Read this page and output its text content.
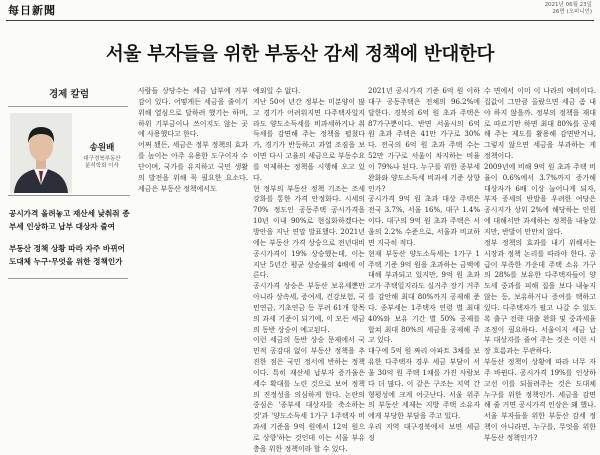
每日新聞	2021년 06월 23일
26면 (오피니언)
서울 부자들을 위한 부동산 감세 정책에 반대한다
경제 칼럼
송원배
대구경북부동산
분석학회 이사

공시가격 올려놓고 재산세 낮춰줘 종부세 인상하고 납부 대상자 줄여

부동산 정책 상황 따라 자주 바뀌어 도대체 누구·무엇을 위한 정책인가

사람들 상당수는 세금 납부에 거부감이 있다. 어떻게든 세금을 줄이기 위해 열심으로 달하려 했기는 하며, 하위 기부금이나 쓰이지도 않는 곳에 사용했다고 한다.

어쩌 됐든, 세금은 정부 정책의 효과를 높이는 아주 유용한 도구이자 수단이며, 국가를 유지하고 국민 생활의 발전을 위해 꼭 필요한 요소다. 세금은 부동산 정책에서도

예외일 수 없다.

지난 50여 년간 정부는 미분양이 많고 경기가 어려워지면 다주택자일지라도 양도소득세를 비과세하거나 취득세를 감면해 주는 정책을 펼쳤다가, 경기가 반등하고 과열 조짐을 보이면 다시 고율의 세금으로 부동수요를 억제하는 정책을 시행해 오고 있다.

현 정부의 부동산 정책 기조는 조세 강화를 통한 가격 안정화다. 시세의 70% 정도인 공동주택 공시가격을 10년 이내 90%로 현실화하겠다는 방안을 지난 연말 발표했다. 2021년에는 부동산 가격 상승으로 전년대비 공시가격이 19% 상승했는데, 이는 지난 5년간 평균 상승률의 4배에 이른다.

공시가격 상승은 부동산 보유세뿐만 아니라 상속세, 증여세, 건강보험, 국민연금, 기초연금 등 무려 61개 항목의 과세 기준이 되기에, 이 모든 세금의 동반 상승이 예고된다.

이런 세금의 동반 상승 문제에서 국민적 공감대 없이 부동산 정책을 추진한 점은 국민 정서에 반하는 정책이다. 특히 재산세 납부자 증가율은 세수 확대를 노린 것으로 보여 정책의 진정성을 의심하게 한다. 논란의 중심은 '종부세 대상자를 축소하는 것'과 '양도소득세 1가구 1주택자 비과세 기준을 9억 원에서 12억 원으로 상향'하는 것인데 이는 서울 부유층을 위한 정책이라 할 수 있다.

2021년 공시가격 기준 6억 원 이하 대구 공동주택은 전체의 96.2%에 달한다. 경북의 6억 원 초과 주택은 87가구뿐이다. 반면 서울시의 6억 원 초과 주택은 41만 가구로 30%다. 전국의 6억 원 초과 주택 수는 52만 가구로 서울이 차지하는 비율이 79%나 된다. 누구를 위한 종부세 완화와 양도소득세 비과세 기준 상향인가?

공시가격 9억 원 초과 대상 주택은 전국 3.7%, 서울 16%, 대구 1.4%이다. 대구의 9억 원 초과 주택은 서울의 2.2% 수준으로, 서울과 비교하면 지극히 적다.

현재 부동산 양도소득세는 1가구 1주택 기준 9억 원을 초과하는 금액에 대해 부과되고 있지만, 9억 원 초과 고가 주택일지라도 실거주 장기 거주를 감안해 최대 80%까지 공제해 준다. 종부세는 1주택자 연령 별 최대 40%와 보유 기간 별 50% 공제를 합쳐 최대 80%의 세금을 공제해 주고 있다.

대구에 5억 원 짜리 아파트 3채를 보유한 다주택자 경우 세금 부담이 서울 30억 원 주택 1채를 가진 사람보다 더 많다. 이 같은 구조는 지역 간 형평성에 크게 어긋난다. 서울 위주의 부동산 세제는 지방 주택 소유자에게 부당한 부담을 주고 있다.

우리 지역 대구경북에서 보면 세금 징

수 면에서 이미 이 나라의 예비이다. 집값이 그만큼 올랐으면 세금 좀 내야 하지 않을까. 정부의 정책을 재대로 따르기만 하면 최대 80%를 공제해 주는 제도를 활용해 감면받거나, 그렇지 않으면 세금을 부과하는 게 정책이다.

2009년에 비해 9억 원 초과 주택 비율이 0.6%에서 3.7%까지 증가해 대상자가 6배 이상 늘어나게 되자, 부자 증세의 반발을 우려한 여당은 공시지가 상위 2%에 해당하는 인원에 대해서만 과세하는 정책을 내놓았지만, 반발이 만만치 않다.

정부 정책의 효과를 내기 위해서는 시장과 정책 논리를 따라야 한다. 공급이 부족한 가운데 주택 소유 가구의 28%를 보유한 다주택자들이 양도세 중과를 피해 집을 보다 내놓지 않는 등, 보유하거나 증여를 택하고 있다. 다주택자가 팔고 나갈 수 있도록 출구 전략 대출 완화 및 중과세율 조정이 필요하다. 서울이지 세금 납부 대상자를 줄여 주는 것은 이런 시장 흐름과는 무관하다.

부동산 정책이 상황에 따라 너무 자주 바뀐다. 공시가격 19%를 인상하고선 이를 되돌려주는 것은 도대체 누구를 위한 정책인가. 세금을 감면해 줄 거면 공시가격 인상은 왜 했나. 서울 부자들을 위한 부동산 감세 정책이 아니라면, 누구를, 무엇을 위한 부동산 정책인가?
